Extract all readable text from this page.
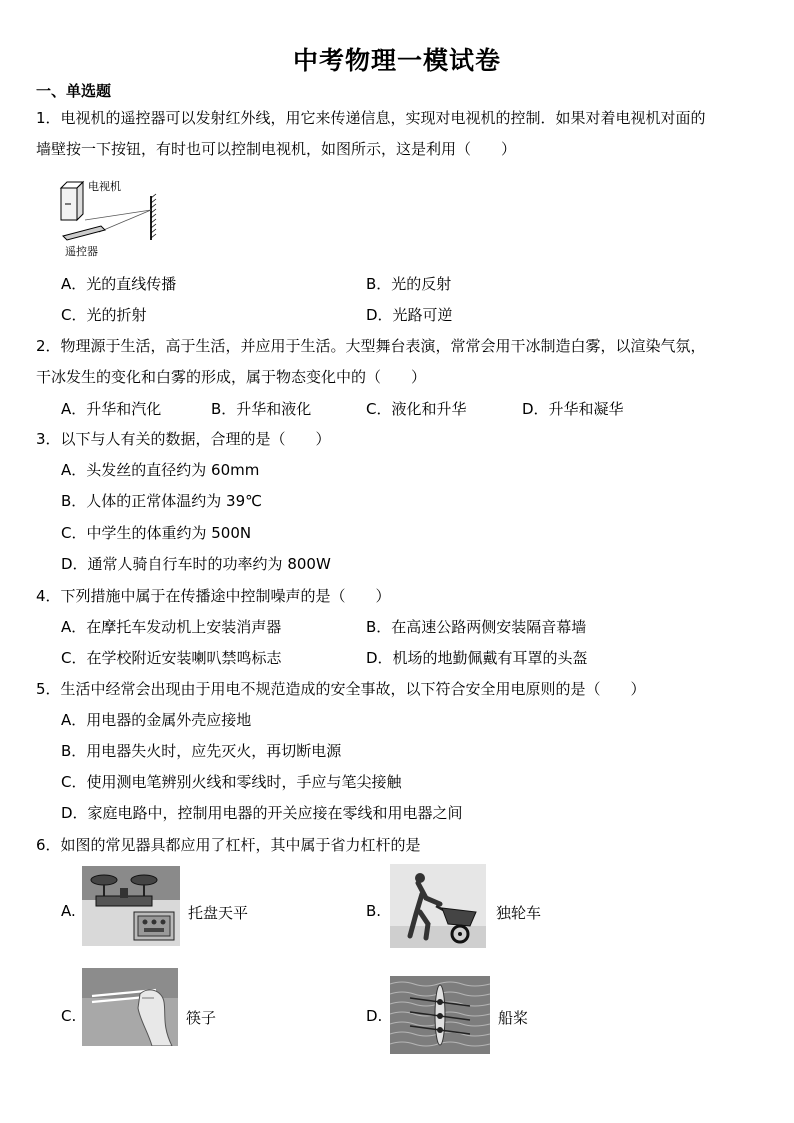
中考物理一模试卷
一、单选题
1．电视机的遥控器可以发射红外线，用它来传递信息，实现对电视机的控制．如果对着电视机对面的
墙壁按一下按钮，有时也可以控制电视机，如图所示，这是利用（　　）
电视机
遥控器
A．光的直线传播	B．光的反射
C．光的折射	D．光路可逆
2．物理源于生活，高于生活，并应用于生活。大型舞台表演，常常会用干冰制造白雾，以渲染气氛，
干冰发生的变化和白雾的形成，属于物态变化中的（　　）
A．升华和汽化	B．升华和液化	C．液化和升华	D．升华和凝华
3．以下与人有关的数据，合理的是（　　）
A．头发丝的直径约为 60mm
B．人体的正常体温约为 39℃
C．中学生的体重约为 500N
D．通常人骑自行车时的功率约为 800W
4．下列措施中属于在传播途中控制噪声的是（　　）
A．在摩托车发动机上安装消声器	B．在高速公路两侧安装隔音幕墙
C．在学校附近安装喇叭禁鸣标志	D．机场的地勤佩戴有耳罩的头盔
5．生活中经常会出现由于用电不规范造成的安全事故，以下符合安全用电原则的是（　　）
A．用电器的金属外壳应接地
B．用电器失火时，应先灭火，再切断电源
C．使用测电笔辨别火线和零线时，手应与笔尖接触
D．家庭电路中，控制用电器的开关应接在零线和用电器之间
6．如图的常见器具都应用了杠杆，其中属于省力杠杆的是
A.	托盘天平	B.	独轮车
C.	筷子	D.	船桨
